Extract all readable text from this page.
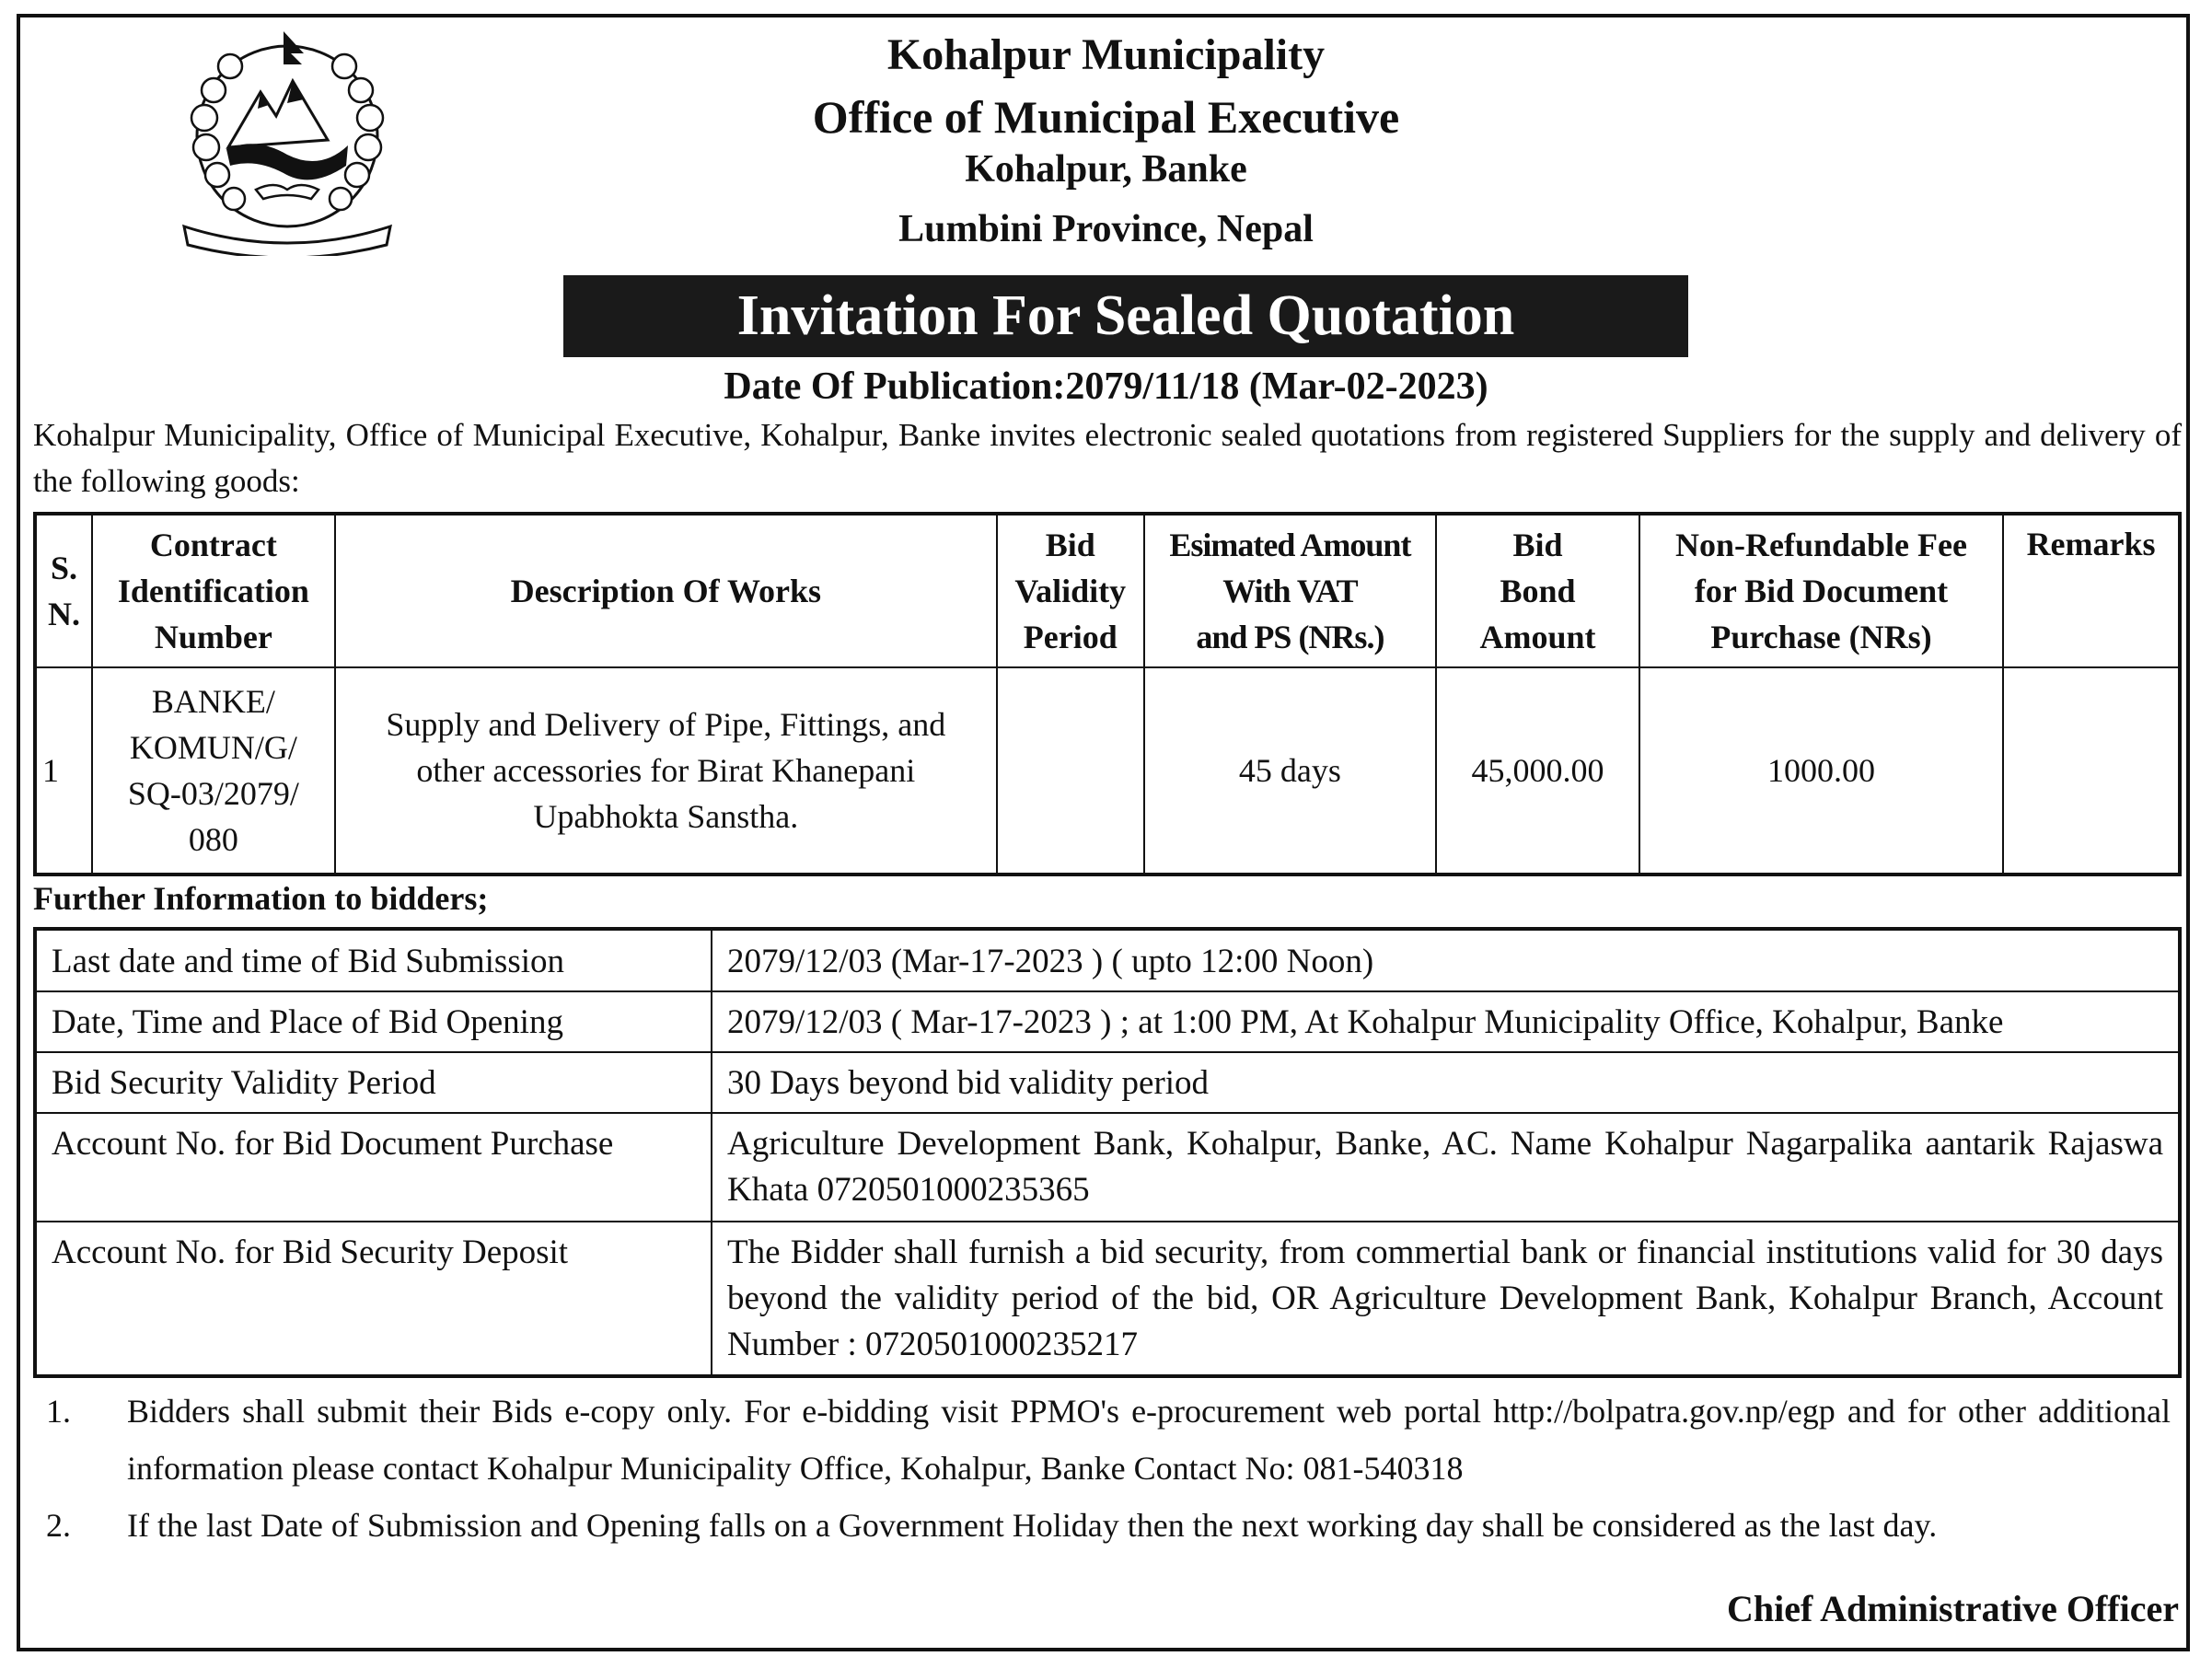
Kohalpur Municipality
Office of Municipal Executive
Kohalpur, Banke
Lumbini Province, Nepal
Invitation For Sealed Quotation
Date Of Publication:2079/11/18 (Mar-02-2023)
Kohalpur Municipality, Office of Municipal Executive, Kohalpur, Banke invites electronic sealed quotations from registered Suppliers for the supply and delivery of the following goods:
S.
N.	Contract
Identification
Number	Description Of Works	Bid
Validity
Period	Esimated Amount
With VAT
and PS (NRs.)	Bid
Bond
Amount	Non-Refundable Fee
for Bid Document
Purchase (NRs)	Remarks
1	BANKE/
KOMUN/G/
SQ-03/2079/
080	Supply and Delivery of Pipe, Fittings, and
other accessories for Birat Khanepani
Upabhokta Sanstha.		45 days	45,000.00	1000.00	
Further Information to bidders;
Last date and time of Bid Submission	2079/12/03 (Mar-17-2023 ) ( upto 12:00 Noon)
Date, Time and Place of Bid Opening	2079/12/03 ( Mar-17-2023 ) ; at 1:00 PM, At Kohalpur Municipality Office, Kohalpur, Banke
Bid Security Validity Period	30 Days beyond bid validity period
Account No. for Bid Document Purchase	Agriculture Development Bank, Kohalpur, Banke, AC. Name Kohalpur Nagarpalika aantarik Rajaswa Khata 0720501000235365
Account No. for Bid Security Deposit	The Bidder shall furnish a bid security, from commertial bank or financial institutions valid for 30 days beyond the validity period of the bid, OR Agriculture Development Bank, Kohalpur Branch, Account Number : 0720501000235217
1.	Bidders shall submit their Bids e-copy only. For e-bidding visit PPMO's e-procurement web portal http://bolpatra.gov.np/egp and for other additional information please contact Kohalpur Municipality Office, Kohalpur, Banke Contact No: 081-540318
2.	If the last Date of Submission and Opening falls on a Government Holiday then the next working day shall be considered as the last day.
Chief Administrative Officer
